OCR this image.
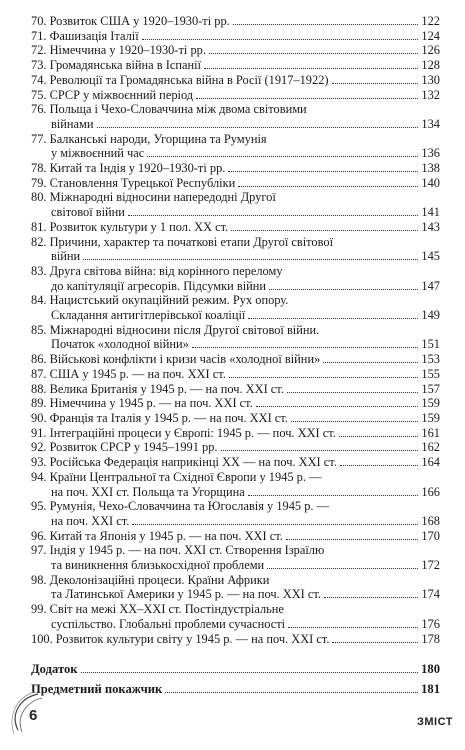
70. Розвиток США у 1920–1930-ті рр.	122
71. Фашизація Італії	124
72. Німеччина у 1920–1930-ті рр.	126
73. Громадянська війна в Іспанії	128
74. Революції та Громадянська війна в Росії (1917–1922)	130
75. СРСР у міжвоєнний період	132
76. Польща і Чехо-Словаччина між двома світовими
війнами	134
77. Балканські народи, Угорщина та Румунія
у міжвоєнний час	136
78. Китай та Індія у 1920–1930-ті рр.	138
79. Становлення Турецької Республіки	140
80. Міжнародні відносини напередодні Другої
світової війни	141
81. Розвиток культури у 1 пол. XX ст.	143
82. Причини, характер та початкові етапи Другої світової
війни	145
83. Друга світова війна: від корінного перелому
до капітуляції агресорів. Підсумки війни	147
84. Нацистський окупаційний режим. Рух опору.
Складання антигітлерівської коаліції	149
85. Міжнародні відносини після Другої світової війни.
Початок «холодної війни»	151
86. Військові конфлікти і кризи часів «холодної війни»	153
87. США у 1945 р. — на поч. XXI ст.	155
88. Велика Британія у 1945 р. — на поч. XXI ст.	157
89. Німеччина у 1945 р. — на поч. XXI ст.	159
90. Франція та Італія у 1945 р. — на поч. XXI ст.	159
91. Інтеграційні процеси у Європі: 1945 р. — поч. XXI ст.	161
92. Розвиток СРСР у 1945–1991 рр.	162
93. Російська Федерація наприкінці XX — на поч. XXI ст.	164
94. Країни Центральної та Східної Європи у 1945 р. —
на поч. XXI ст. Польща та Угорщина	166
95. Румунія, Чехо-Словаччина та Югославія у 1945 р. —
на поч. XXI ст.	168
96. Китай та Японія у 1945 р. — на поч. XXI ст.	170
97. Індія у 1945 р. — на поч. XXI ст. Створення Ізраїлю
та виникнення близькосхідної проблеми	172
98. Деколонізаційні процеси. Країни Африки
та Латинської Америки у 1945 р. — на поч. XXI ст.	174
99. Світ на межі XX–XXI ст. Постіндустріальне
суспільство. Глобальні проблеми сучасності	176
100. Розвиток культури світу у 1945 р. — на поч. XXI ст.	178
Додаток	180
Предметний покажчик	181
6	ЗМІСТ
